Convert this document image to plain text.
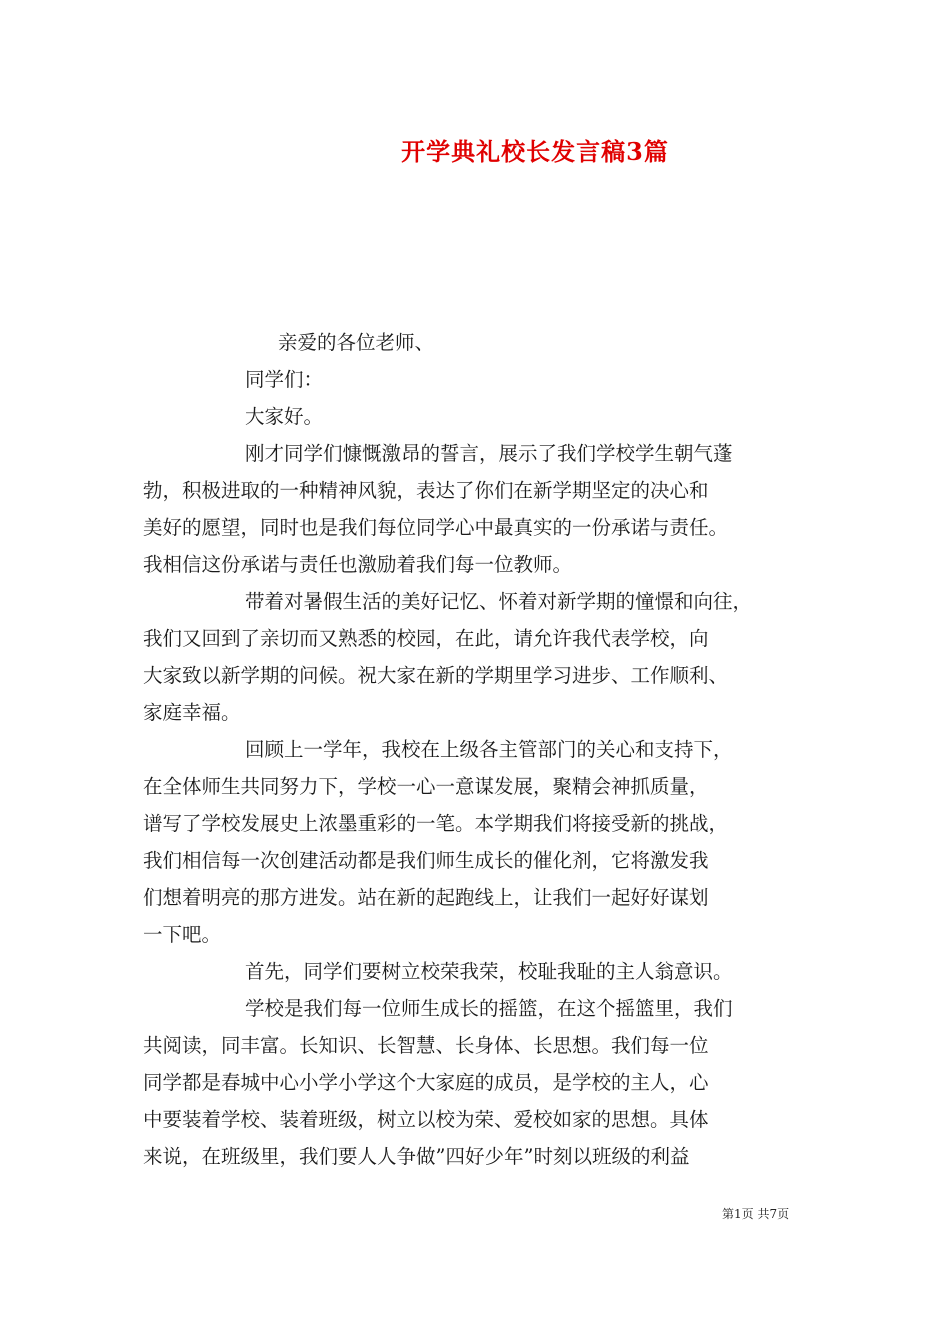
开学典礼校长发言稿3篇
亲爱的各位老师、
同学们：
大家好。
刚才同学们慷慨激昂的誓言，展示了我们学校学生朝气蓬
勃，积极进取的一种精神风貌，表达了你们在新学期坚定的决心和
美好的愿望，同时也是我们每位同学心中最真实的一份承诺与责任。
我相信这份承诺与责任也激励着我们每一位教师。
带着对暑假生活的美好记忆、怀着对新学期的憧憬和向往，
我们又回到了亲切而又熟悉的校园，在此，请允许我代表学校，向
大家致以新学期的问候。祝大家在新的学期里学习进步、工作顺利、
家庭幸福。
回顾上一学年，我校在上级各主管部门的关心和支持下，
在全体师生共同努力下，学校一心一意谋发展，聚精会神抓质量，
谱写了学校发展史上浓墨重彩的一笔。本学期我们将接受新的挑战，
我们相信每一次创建活动都是我们师生成长的催化剂，它将激发我
们想着明亮的那方进发。站在新的起跑线上，让我们一起好好谋划
一下吧。
首先，同学们要树立校荣我荣，校耻我耻的主人翁意识。
学校是我们每一位师生成长的摇篮，在这个摇篮里，我们
共阅读，同丰富。长知识、长智慧、长身体、长思想。我们每一位
同学都是春城中心小学小学这个大家庭的成员，是学校的主人，心
中要装着学校、装着班级，树立以校为荣、爱校如家的思想。具体
来说，在班级里，我们要人人争做”四好少年”时刻以班级的利益
第1页 共7页
